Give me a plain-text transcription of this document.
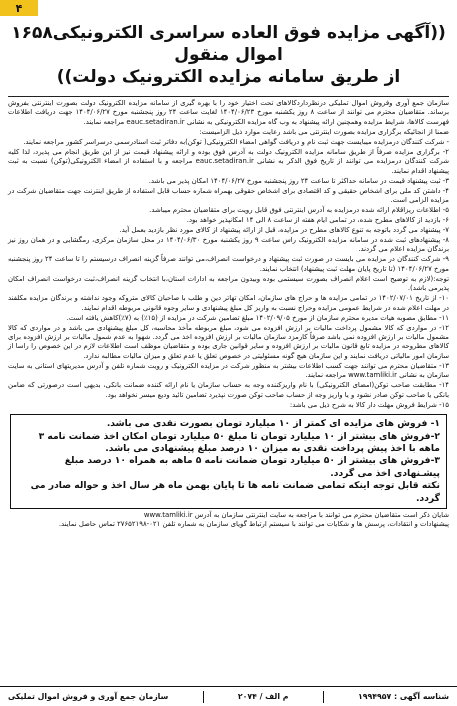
۴

((آگهی مزایده فوق العاده سراسری الکترونیکی۱۶۵۸ اموال منقول

از طریق سامانه مزایده الکترونیک دولت))

سازمان جمع آوری وفروش اموال تملیکی درنظرداردکالاهای تحت اختیار خود را با بهره گیری از سامانه مزایده الکترونیک دولت بصورت اینترنتی بفروش برساند. متقاضیان محترم می توانند از ساعت ۸ روز یکشنبه مورخ ۱۴۰۴/۰۶/۲۳ لغایت ساعت ۲۴ روز پنجشنبه مورخ ۱۴۰۴/۰۶/۲۷ جهت دریافت اطلاعات فهرست کالاها، شرایط مزایده وهمچنین ارائه پیشنهاد به وب گاه مزایده الکترونیکی به نشانی eauc.setadiran.ir مراجعه نمایند.

ضمنا از انجائیکه برگزاری مزایده بصورت اینترنتی می باشد رعایت موارد ذیل الزامیست:

- شرکت کنندگان درمزایده میبایست جهت ثبت نام و دریافت گواهی امضاء الکترونیکی( توکن)به دفاتر ثبت اسنادرسمی درسراسر کشور مراجعه نمایند.

۲- برگزاری مزایده صرفاً از طریق سامانه مزایده الکترونیک دولت به آدرس فوق بوده و ارائه پیشنهاد قیمت نیز از این طریق انجام می پذیرد، لذا کلیه شرکت کنندگان درمزایده می توانند از تاریخ فوق الذکر به نشانی eauc.setadiran.ir مراجعه و با استفاده از امضاء الکترونیکی(توکن) نسبت به ثبت پیشنهاد اقدام نمایند.

۳- ثبت پیشنهاد قیمت در سامانه حداکثر تا ساعت ۲۴ روز پنجشنبه مورخ ۱۴۰۴/۰۶/۲۷ امکان پذیر می باشد.

۴- داشتن کد ملی برای اشخاص حقیقی و کد اقتصادی برای اشخاص حقوقی بهمراه شماره حساب قابل استفاده از طریق اینترنت جهت متقاضیان شرکت در مزایده الزامی است.

۵- اطلاعات ریزاقلام ارائه شده درمزایده به آدرس اینترنتی فوق قابل رویت برای متقاضیان محترم میباشد.

۶- بازدید از کالاهای مطرح شده، در تمامی ایام هفته از ساعت ۸ الی ۱۴ امکانپذیر خواهد بود.

۷- پیشنهاد می گردد باتوجه به تنوع کالاهای مطرح در مزایده، قبل از ارائه پیشنهاد از کالای مورد نظر بازدید بعمل آید.

۸- پیشنهادهای ثبت شده در سامانه مزایده الکترونیک راس ساعت ۹ روز یکشنبه مورخ ۱۴۰۴/۰۶/۳۰ در محل سازمان مرکزی، رمگشایی و در همان روز نیز برندگان مزایده اعلام می گردند.

۹- شرکت کنندگان در مزایده می بایست در صورت ثبت پیشنهاد و درخواست انصراف،می توانند صرفاً گزینه انصراف درسیستم را تا ساعت ۲۴ روز پنجشنبه مورخ ۱۴۰۴/۰۶/۲۷ (تا تاریخ پایان مهلت ثبت پیشنهاد) انتخاب نمایند.

توجه:(لازم به توضیح است اعلام انصراف بصورت سیستمی بوده وبیدون مراجعه به ادارات استان،با انتخاب گزینه انصراف،ثبت درخواست انصراف امکان پذیرمی باشد).

۱۰- از تاریخ ۱۴۰۲/۰۷/۰۱ در تمامی مزایده ها و حراج های سازمان، امکان تهاتر دین و طلب با صاحبان کالای متروکه وجود نداشته و برندگان مزایده مکلفند در مهلت اعلام شده در شرایط عمومی مزایده وحراج نسبت به واریز کل مبلغ پیشنهادی و سایر وجوه قانونی مربوطه اقدام نمایند.

۱۱- مطابق مصوبه هیات مدیره محترم سازمان از مورخ ۱۴۰۲/۰۹/۰۵ مبلغ تضامین شرکت در مزایده از (۱۵٪) به (۷٪)کاهش یافته است.

۱۲- در مواردی که کالا مشمول پرداخت مالیات بر ارزش افزوده می شود، مبلغ مربوطه مأخذ محاسبه، کل مبلغ پیشنهادی می باشد و در مواردی که کالا مشمول مالیات بر ارزش افزوده نمی باشد صرفاً کارمزد سازمان مالیات بر ارزش افزوده اخذ می گردد. شهوا به عدم شمول مالیات بر ارزش افزوده برای کالاهای مطروحه در مزایده تابع قانون مالیات بر ارزش افزوده و سایر قوانین جاری بوده و متقاضیان موظف است اطلاعات لازم در این خصوص را راسا از سازمان امور مالیاتی دریافت نمایند و این سازمان هیچ گونه مسئولیتی در خصوص تعلق یا عدم تعلق و میزان مالیات مطالبه ندارد.

۱۳- متقاضیان محترم می توانند جهت کسب اطلاعات بیشتر به منظور شرکت در مزایده الکترونیک و رویت شماره تلفن و آدرس مدیریتهای استانی به سایت سازمان به نشانی www.tamliki.ir مراجعه نمایند.

۱۴- مطابقت صاحب توکن(امضای الکترونیکی) با نام واریزکننده وجه به حساب سازمان یا نام ارائه کننده ضمانت بانکی، بدیهی است درصورتی که ضامن بانکی یا صاحب توکن صادر نشود و یا واریز وجه از حساب صاحب توکن صورت نپذیرد تضامین تائید ودیع میسر نخواهد بود.

۱۵- شرایط فروش مهلت دار کالا به شرح ذیل می باشد:

۱- فروش های مزایده ای کمتر از ۱۰ میلیارد تومان بصورت نقدی می باشد.

۲-فروش های بیشتر از ۱۰ میلیارد تومان تا مبلغ ۵۰ میلیارد تومان امکان اخذ ضمانت نامه ۳ ماهه با اخذ پیش پرداخت نقدی به میزان ۱۰ درصد مبلغ پیشنهادی می باشد.

۳-فروش های بیشتر از ۵۰ میلیارد تومان ضمانت نامه ۵ ماهه به همراه ۱۰ درصد مبلغ پیشـنهادی اخذ می گردد.

نکته قابل توجه اینکه تمامی ضمانت نامه ها تا پایان بهمن ماه هر سال اخذ و حواله صادر می گردد.

شایان ذکر است متقاضیان محترم می توانند با مراجعه به سایت اینترنتی سازمان به آدرس www.tamliki.ir

پیشنهادات و انتقادات، پرسش ها و شکایات می توانند با سیستم ارتباط گویای سازمان به شماره تلفن ۰۲۱-۲۷۶۵۲۱۹۸ تماس حاصل نمایند.

شناسه آگهی : ۱۹۹۴۹۵۷
م الف / ۲۰۷۴
سازمان جمع آوری و فروش اموال تملیکی
